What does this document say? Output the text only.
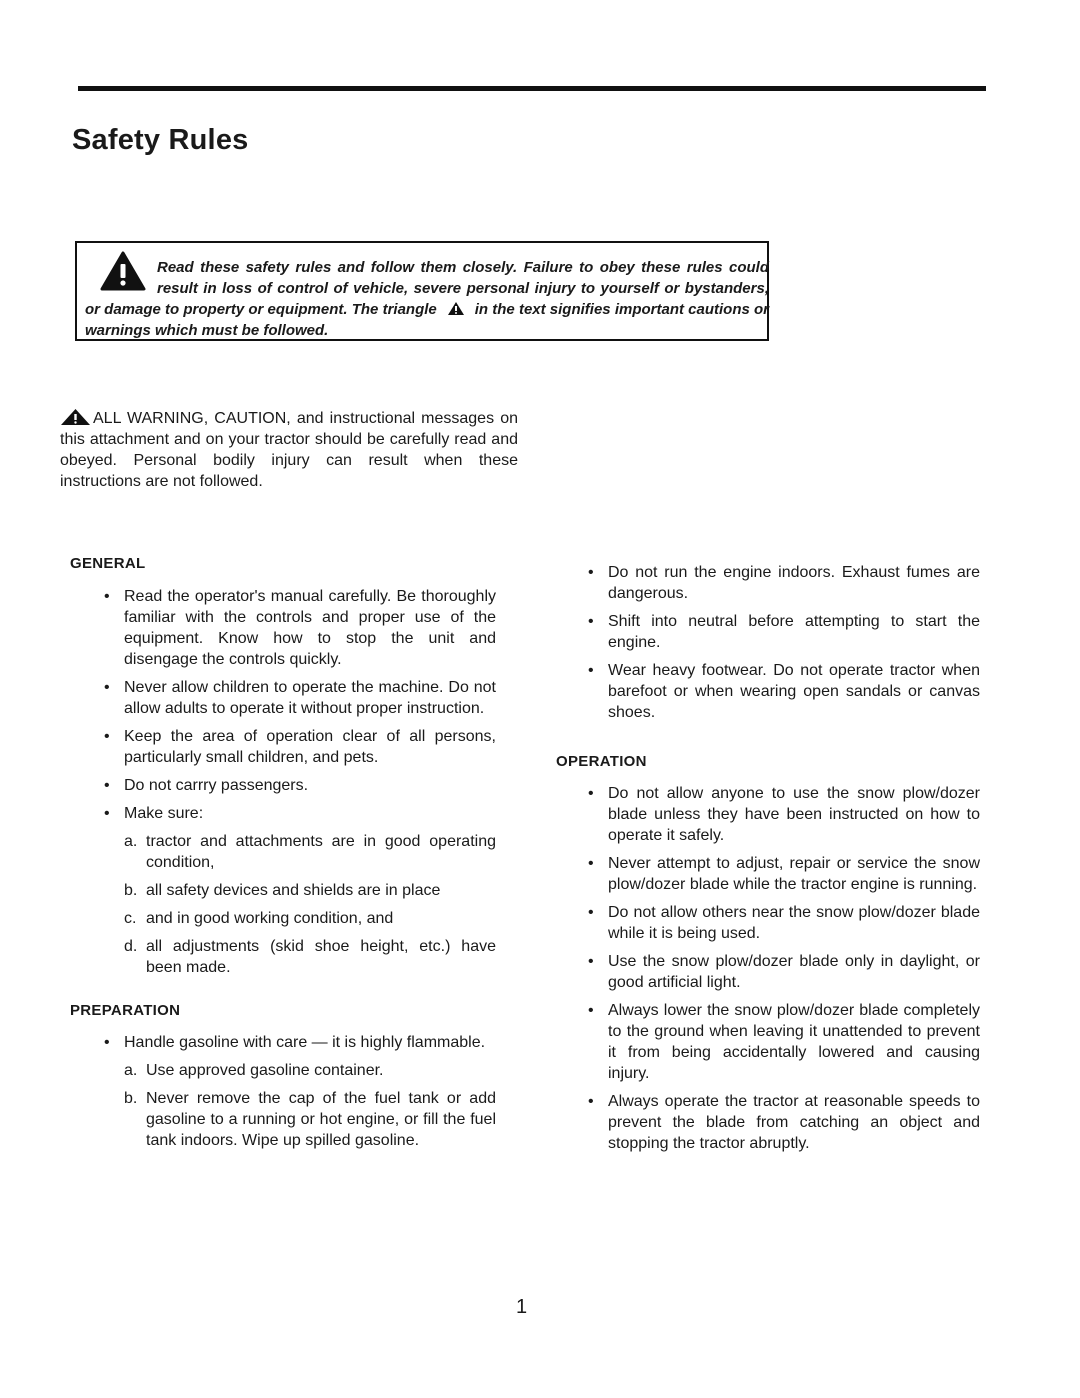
Safety Rules

Read these safety rules and follow them closely. Failure to obey these rules could result in loss of control of vehicle, severe personal injury to yourself or bystanders, or damage to property or equipment. The triangle	in the text signifies important cautions or warnings which must be followed.

ALL WARNING, CAUTION, and instructional messages on this attachment and on your tractor should be carefully read and obeyed. Personal bodily injury can result when these instructions are not followed.

GENERAL
• Read the operator's manual carefully. Be thoroughly familiar with the controls and proper use of the equipment. Know how to stop the unit and disengage the controls quickly.
• Never allow children to operate the machine. Do not allow adults to operate it without proper instruction.
• Keep the area of operation clear of all persons, particularly small children, and pets.
• Do not carrry passengers.
• Make sure:
a. tractor and attachments are in good operating condition,
b. all safety devices and shields are in place
c. and in good working condition, and
d. all adjustments (skid shoe height, etc.) have been made.
PREPARATION
• Handle gasoline with care — it is highly flammable.
a. Use approved gasoline container.
b. Never remove the cap of the fuel tank or add gasoline to a running or hot engine, or fill the fuel tank indoors. Wipe up spilled gasoline.
• Do not run the engine indoors. Exhaust fumes are dangerous.
• Shift into neutral before attempting to start the engine.
• Wear heavy footwear. Do not operate tractor when barefoot or when wearing open sandals or canvas shoes.
OPERATION
• Do not allow anyone to use the snow plow/dozer blade unless they have been instructed on how to operate it safely.
• Never attempt to adjust, repair or service the snow plow/dozer blade while the tractor engine is running.
• Do not allow others near the snow plow/dozer blade while it is being used.
• Use the snow plow/dozer blade only in daylight, or good artificial light.
• Always lower the snow plow/dozer blade completely to the ground when leaving it unattended to prevent it from being accidentally lowered and causing injury.
• Always operate the tractor at reasonable speeds to prevent the blade from catching an object and stopping the tractor abruptly.
1
